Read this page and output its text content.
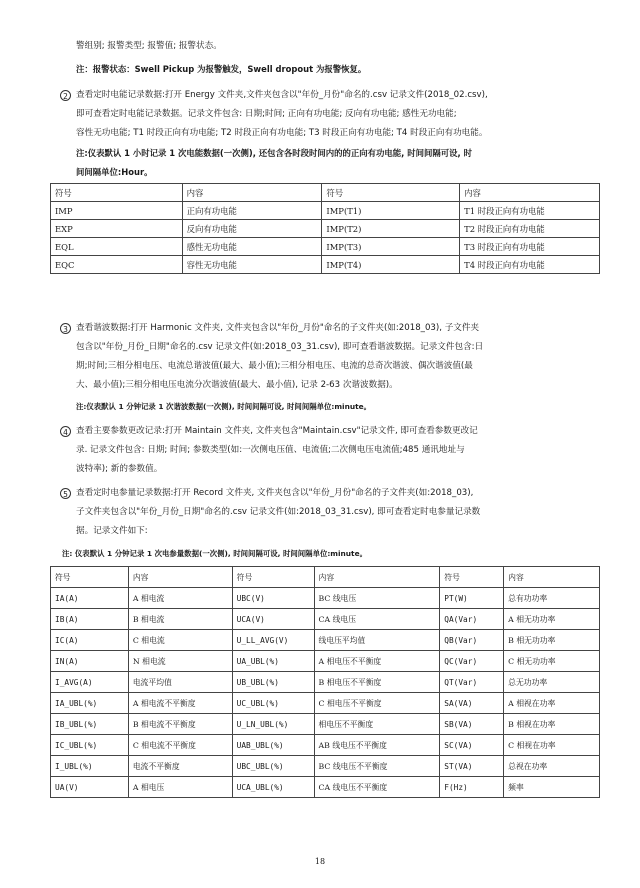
警组别; 报警类型; 报警值; 报警状态。
注：报警状态：Swell Pickup 为报警触发，Swell dropout 为报警恢复。
2 查看定时电能记录数据:打开 Energy 文件夹,文件夹包含以"年份_月份"命名的.csv 记录文件(2018_02.csv),
即可查看定时电能记录数据。记录文件包含: 日期;时间; 正向有功电能; 反向有功电能; 感性无功电能;
容性无功电能; T1 时段正向有功电能; T2 时段正向有功电能; T3 时段正向有功电能; T4 时段正向有功电能。
注:仪表默认 1 小时记录 1 次电能数据(一次侧), 还包含各时段时间内的的正向有功电能, 时间间隔可设, 时
间间隔单位:Hour。
符号	内容	符号	内容
IMP	正向有功电能	IMP(T1)	T1 时段正向有功电能
EXP	反向有功电能	IMP(T2)	T2 时段正向有功电能
EQL	感性无功电能	IMP(T3)	T3 时段正向有功电能
EQC	容性无功电能	IMP(T4)	T4 时段正向有功电能
3 查看谐波数据:打开 Harmonic 文件夹, 文件夹包含以"年份_月份"命名的子文件夹(如:2018_03), 子文件夹
包含以"年份_月份_日期"命名的.csv 记录文件(如:2018_03_31.csv), 即可查看谐波数据。记录文件包含:日
期;时间;三相分相电压、电流总谐波值(最大、最小值);三相分相电压、电流的总奇次谐波、偶次谐波值(最
大、最小值);三相分相电压电流分次谐波值(最大、最小值), 记录 2-63 次谐波数据)。
注:仪表默认 1 分钟记录 1 次谐波数据(一次侧), 时间间隔可设, 时间间隔单位:minute。
4 查看主要参数更改记录:打开 Maintain 文件夹, 文件夹包含"Maintain.csv"记录文件, 即可查看参数更改记
录. 记录文件包含: 日期; 时间; 参数类型(如:一次侧电压值、电流值;二次侧电压电流值;485 通讯地址与
波特率); 新的参数值。
5 查看定时电参量记录数据:打开 Record 文件夹, 文件夹包含以"年份_月份"命名的子文件夹(如:2018_03),
子文件夹包含以"年份_月份_日期"命名的.csv 记录文件(如:2018_03_31.csv), 即可查看定时电参量记录数
据。记录文件如下:
注: 仪表默认 1 分钟记录 1 次电参量数据(一次侧), 时间间隔可设, 时间间隔单位:minute。
符号	内容	符号	内容	符号	内容
IA(A)	A 相电流	UBC(V)	BC 线电压	PT(W)	总有功功率
IB(A)	B 相电流	UCA(V)	CA 线电压	QA(Var)	A 相无功功率
IC(A)	C 相电流	U_LL_AVG(V)	线电压平均值	QB(Var)	B 相无功功率
IN(A)	N 相电流	UA_UBL(%)	A 相电压不平衡度	QC(Var)	C 相无功功率
I_AVG(A)	电流平均值	UB_UBL(%)	B 相电压不平衡度	QT(Var)	总无功功率
IA_UBL(%)	A 相电流不平衡度	UC_UBL(%)	C 相电压不平衡度	SA(VA)	A 相视在功率
IB_UBL(%)	B 相电流不平衡度	U_LN_UBL(%)	相电压不平衡度	SB(VA)	B 相视在功率
IC_UBL(%)	C 相电流不平衡度	UAB_UBL(%)	AB 线电压不平衡度	SC(VA)	C 相视在功率
I_UBL(%)	电流不平衡度	UBC_UBL(%)	BC 线电压不平衡度	ST(VA)	总视在功率
UA(V)	A 相电压	UCA_UBL(%)	CA 线电压不平衡度	F(Hz)	频率
18
